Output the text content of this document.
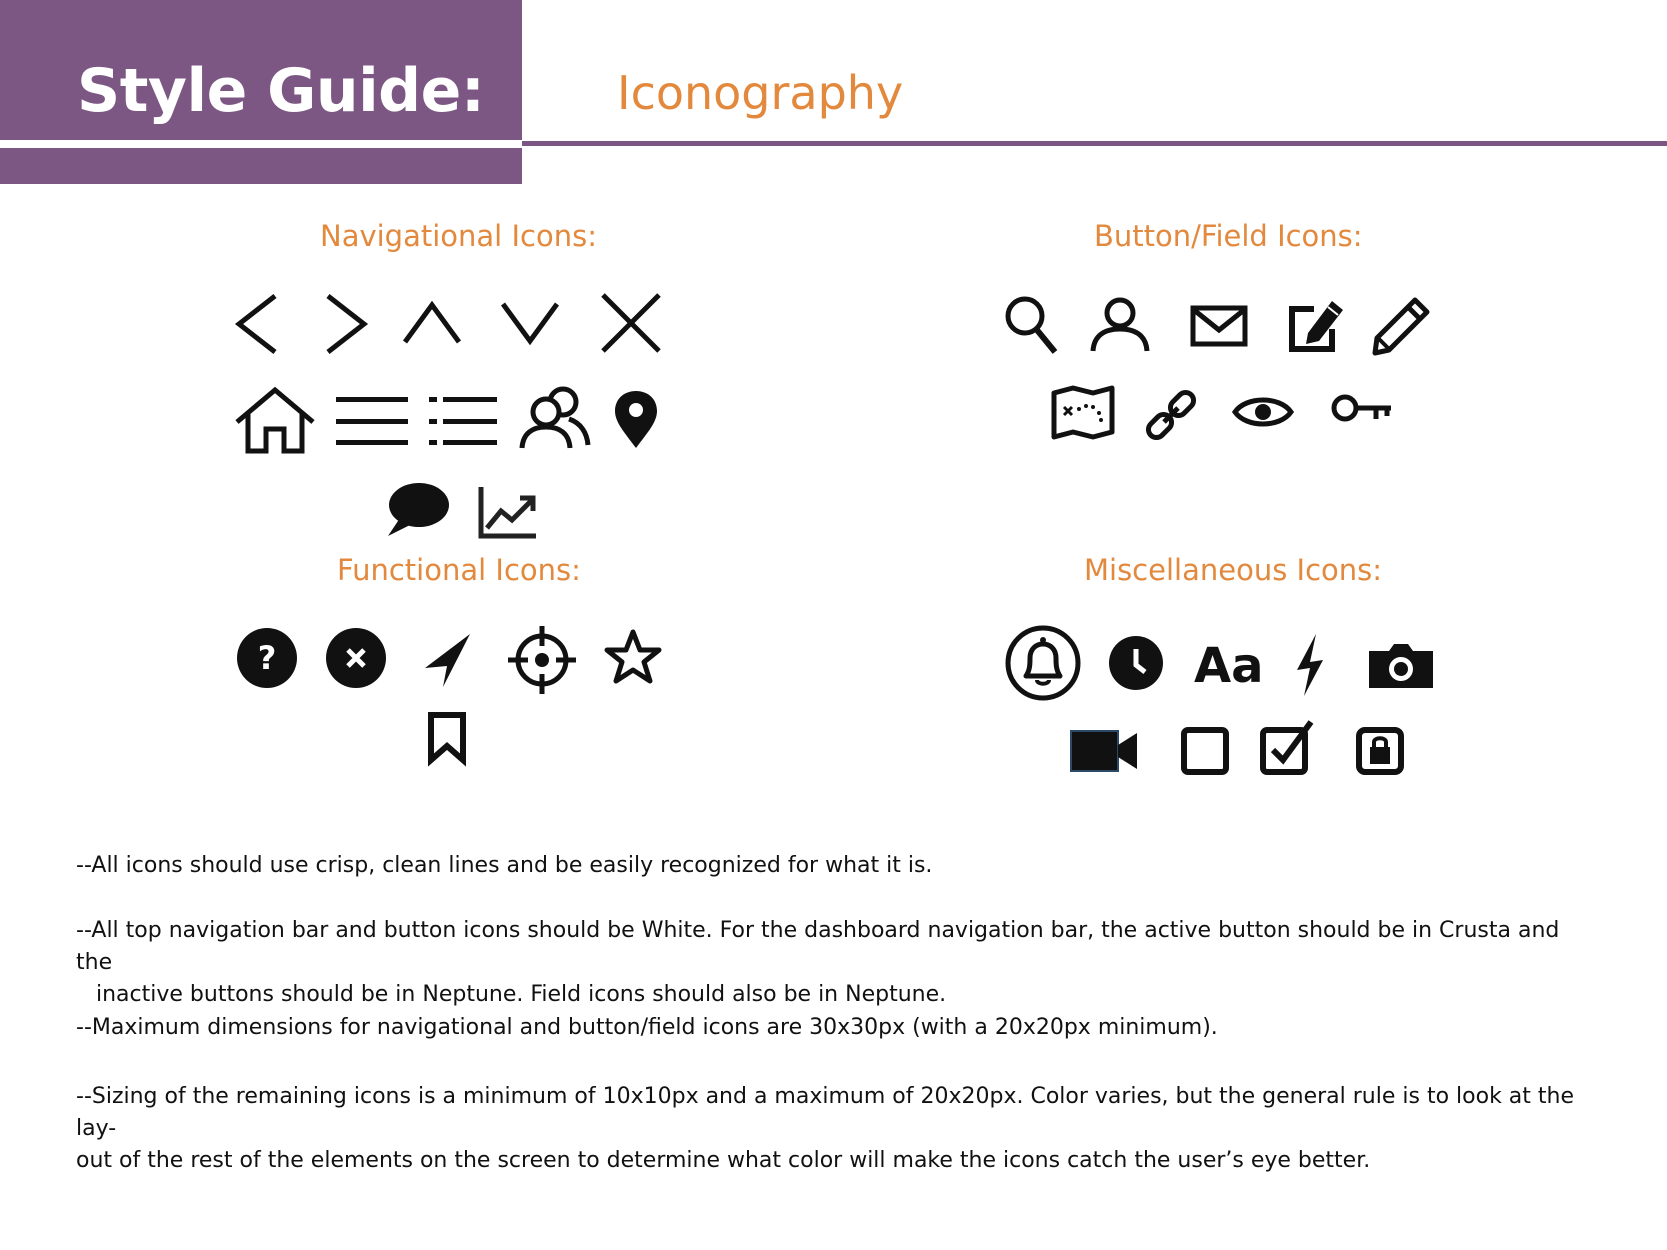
Style Guide:	Iconography
Navigational Icons:	Button/Field Icons:
Functional Icons:	Miscellaneous Icons:
?	Aa
--All icons should use crisp, clean lines and be easily recognized for what it is.
--All top navigation bar and button icons should be White. For the dashboard navigation bar, the active button should be in Crusta and the
inactive buttons should be in Neptune. Field icons should also be in Neptune.
--Maximum dimensions for navigational and button/field icons are 30x30px (with a 20x20px minimum).
--Sizing of the remaining icons is a minimum of 10x10px and a maximum of 20x20px. Color varies, but the general rule is to look at the lay-
out of the rest of the elements on the screen to determine what color will make the icons catch the user’s eye better.
